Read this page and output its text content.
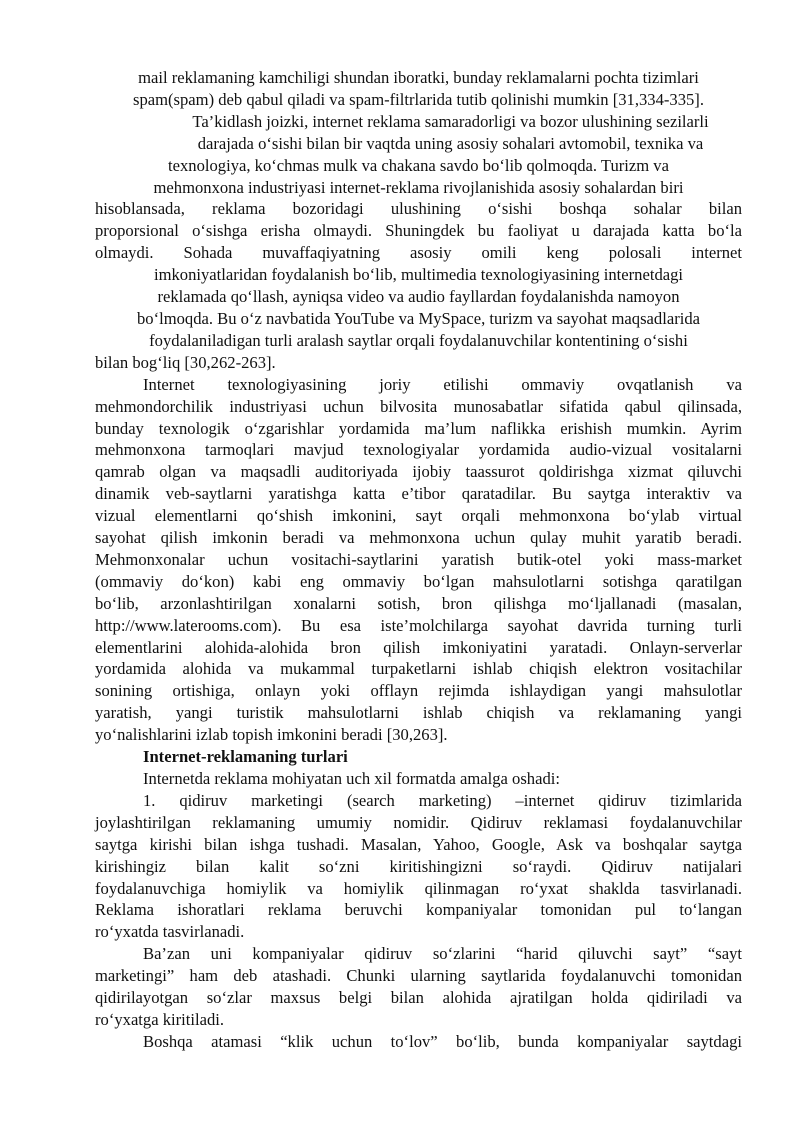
mail reklamaning kamchiligi shundan iboratki, bunday reklamalarni pochta tizimlari
spam(spam) deb qabul qiladi va spam-filtrlarida tutib qolinishi mumkin [31,334-335].
Ta’kidlash joizki, internet reklama samaradorligi va bozor ulushining sezilarli
darajada o‘sishi bilan bir vaqtda uning asosiy sohalari avtomobil, texnika va
texnologiya, ko‘chmas mulk va chakana savdo bo‘lib qolmoqda. Turizm va
mehmonxona industriyasi internet-reklama rivojlanishida asosiy sohalardan biri
hisoblansada, reklama bozoridagi ulushining o‘sishi boshqa sohalar bilan
proporsional o‘sishga erisha olmaydi. Shuningdek bu faoliyat u darajada katta bo‘la
olmaydi. Sohada muvaffaqiyatning asosiy omili keng polosali internet
imkoniyatlaridan foydalanish bo‘lib, multimedia texnologiyasining internetdagi
reklamada qo‘llash, ayniqsa video va audio fayllardan foydalanishda namoyon
bo‘lmoqda. Bu o‘z navbatida YouTube va MySpace, turizm va sayohat maqsadlarida
foydalaniladigan turli aralash saytlar orqali foydalanuvchilar kontentining o‘sishi
bilan bog‘liq [30,262-263].
Internet texnologiyasining joriy etilishi ommaviy ovqatlanish va
mehmondorchilik industriyasi uchun bilvosita munosabatlar sifatida qabul qilinsada,
bunday texnologik o‘zgarishlar yordamida ma’lum naflikka erishish mumkin. Ayrim
mehmonxona tarmoqlari mavjud texnologiyalar yordamida audio-vizual vositalarni
qamrab olgan va maqsadli auditoriyada ijobiy taassurot qoldirishga xizmat qiluvchi
dinamik veb-saytlarni yaratishga katta e’tibor qaratadilar. Bu saytga interaktiv va
vizual elementlarni qo‘shish imkonini, sayt orqali mehmonxona bo‘ylab virtual
sayohat qilish imkonin beradi va mehmonxona uchun qulay muhit yaratib beradi.
Mehmonxonalar uchun vositachi-saytlarini yaratish butik-otel yoki mass-market
(ommaviy do‘kon) kabi eng ommaviy bo‘lgan mahsulotlarni sotishga qaratilgan
bo‘lib, arzonlashtirilgan xonalarni sotish, bron qilishga mo‘ljallanadi (masalan,
http://www.laterooms.com). Bu esa iste’molchilarga sayohat davrida turning turli
elementlarini alohida-alohida bron qilish imkoniyatini yaratadi. Onlayn-serverlar
yordamida alohida va mukammal turpaketlarni ishlab chiqish elektron vositachilar
sonining ortishiga, onlayn yoki offlayn rejimda ishlaydigan yangi mahsulotlar
yaratish, yangi turistik mahsulotlarni ishlab chiqish va reklamaning yangi
yo‘nalishlarini izlab topish imkonini beradi [30,263].
Internet-reklamaning turlari
Internetda reklama mohiyatan uch xil formatda amalga oshadi:
1. qidiruv marketingi (search marketing) –internet qidiruv tizimlarida
joylashtirilgan reklamaning umumiy nomidir. Qidiruv reklamasi foydalanuvchilar
saytga kirishi bilan ishga tushadi. Masalan, Yahoo, Google, Ask va boshqalar saytga
kirishingiz bilan kalit so‘zni kiritishingizni so‘raydi. Qidiruv natijalari
foydalanuvchiga homiylik va homiylik qilinmagan ro‘yxat shaklda tasvirlanadi.
Reklama ishoratlari reklama beruvchi kompaniyalar tomonidan pul to‘langan
ro‘yxatda tasvirlanadi.
Ba’zan uni kompaniyalar qidiruv so‘zlarini “harid qiluvchi sayt” “sayt
marketingi” ham deb atashadi. Chunki ularning saytlarida foydalanuvchi tomonidan
qidirilayotgan so‘zlar maxsus belgi bilan alohida ajratilgan holda qidiriladi va
ro‘yxatga kiritiladi.
Boshqa atamasi “klik uchun to‘lov” bo‘lib, bunda kompaniyalar saytdagi
